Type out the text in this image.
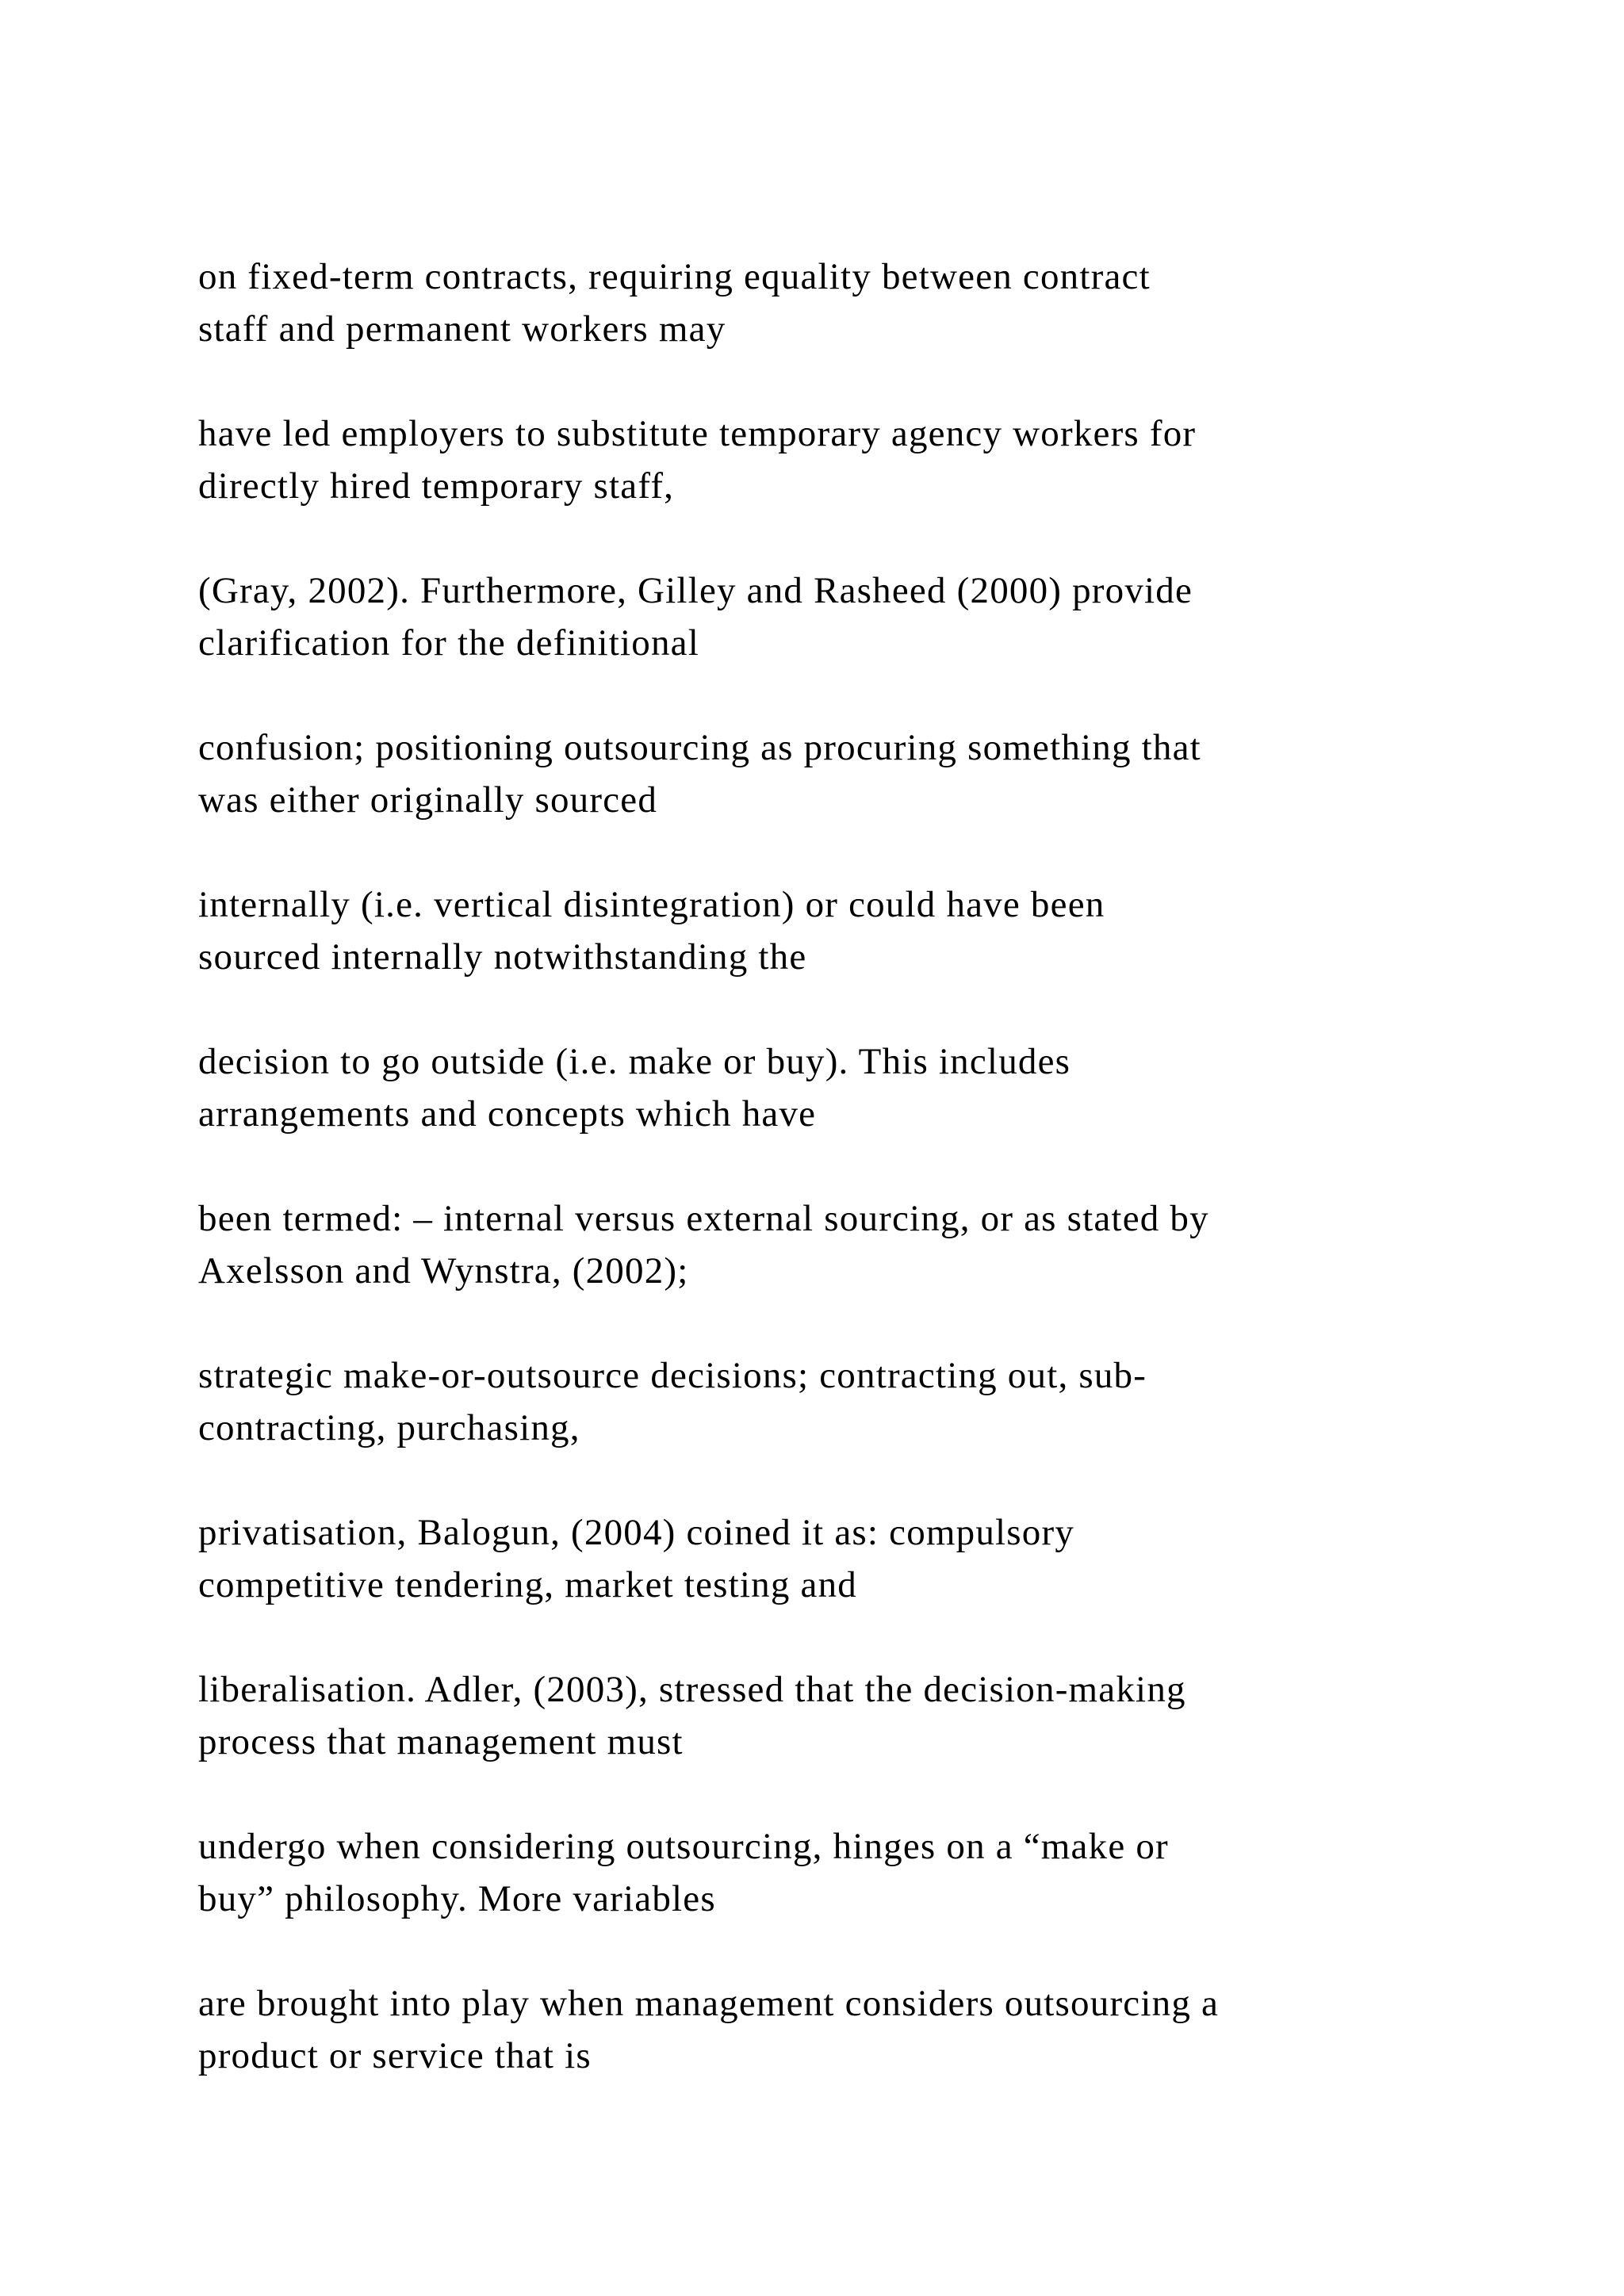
on fixed-term contracts, requiring equality between contract
staff and permanent workers may

have led employers to substitute temporary agency workers for
directly hired temporary staff,

(Gray, 2002). Furthermore, Gilley and Rasheed (2000) provide
clarification for the definitional

confusion; positioning outsourcing as procuring something that
was either originally sourced

internally (i.e. vertical disintegration) or could have been
sourced internally notwithstanding the

decision to go outside (i.e. make or buy). This includes
arrangements and concepts which have

been termed: – internal versus external sourcing, or as stated by
Axelsson and Wynstra, (2002);

strategic make-or-outsource decisions; contracting out, sub-
contracting, purchasing,

privatisation, Balogun, (2004) coined it as: compulsory
competitive tendering, market testing and

liberalisation. Adler, (2003), stressed that the decision-making
process that management must

undergo when considering outsourcing, hinges on a “make or
buy” philosophy. More variables

are brought into play when management considers outsourcing a
product or service that is
